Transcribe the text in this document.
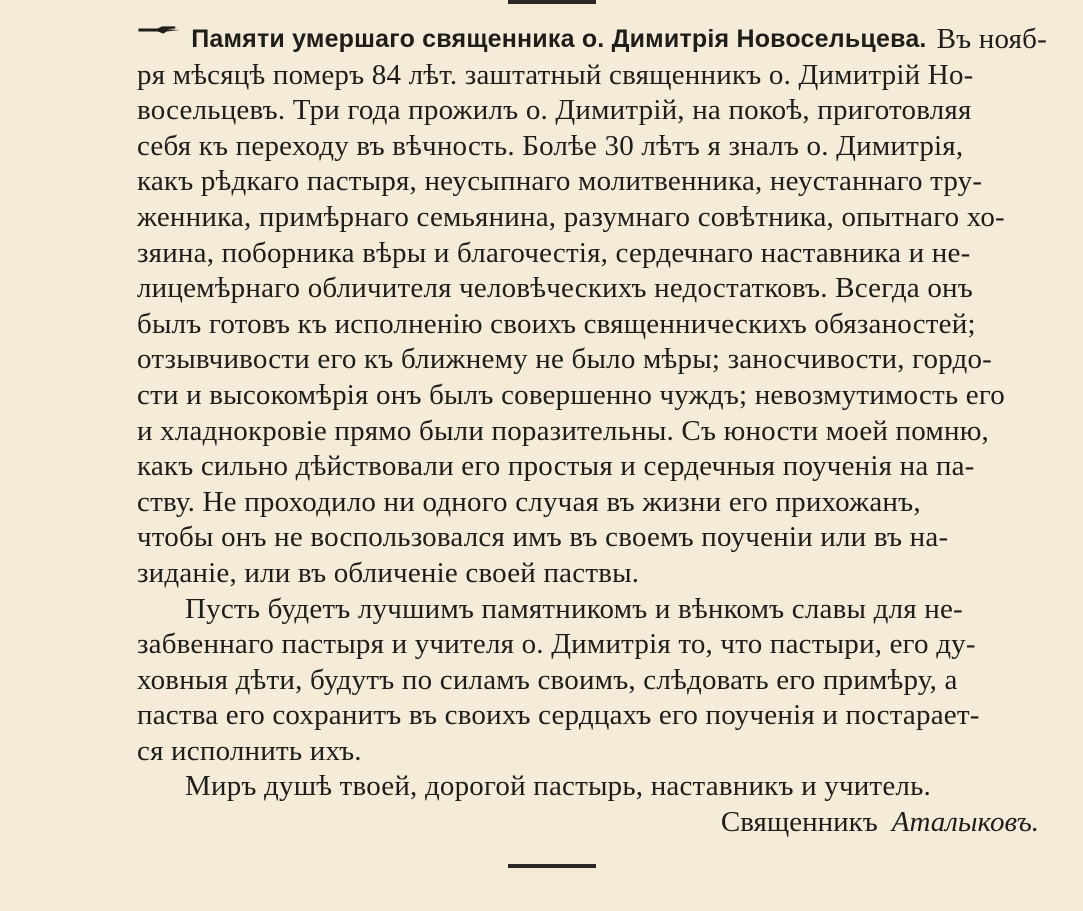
Памяти умершаго священника о. Димитрія Новосельцева. Въ нояб-
ря мѣсяцѣ померъ 84 лѣт. заштатный священникъ о. Димитрій Но-
восельцевъ. Три года прожилъ о. Димитрій, на покоѣ, приготовляя
себя къ переходу въ вѣчность. Болѣе 30 лѣтъ я зналъ о. Димитрія,
какъ рѣдкаго пастыря, неусыпнаго молитвенника, неустаннаго тру-
женника, примѣрнаго семьянина, разумнаго совѣтника, опытнаго хо-
зяина, поборника вѣры и благочестія, сердечнаго наставника и не-
лицемѣрнаго обличителя человѣческихъ недостатковъ. Всегда онъ
былъ готовъ къ исполненію своихъ священническихъ обязаностей;
отзывчивости его къ ближнему не было мѣры; заносчивости, гордо-
сти и высокомѣрія онъ былъ совершенно чуждъ; невозмутимость его
и хладнокровіе прямо были поразительны. Съ юности моей помню,
какъ сильно дѣйствовали его простыя и сердечныя поученія на па-
ству. Не проходило ни одного случая въ жизни его прихожанъ,
чтобы онъ не воспользовался имъ въ своемъ поученіи или въ на-
зиданіе, или въ обличеніе своей паствы.
Пусть будетъ лучшимъ памятникомъ и вѣнкомъ славы для не-
забвеннаго пастыря и учителя о. Димитрія то, что пастыри, его ду-
ховныя дѣти, будутъ по силамъ своимъ, слѣдовать его примѣру, а
паства его сохранитъ въ своихъ сердцахъ его поученія и постарает-
ся исполнить ихъ.
Миръ душѣ твоей, дорогой пастырь, наставникъ и учитель.
Священникъ Аталыковъ.
